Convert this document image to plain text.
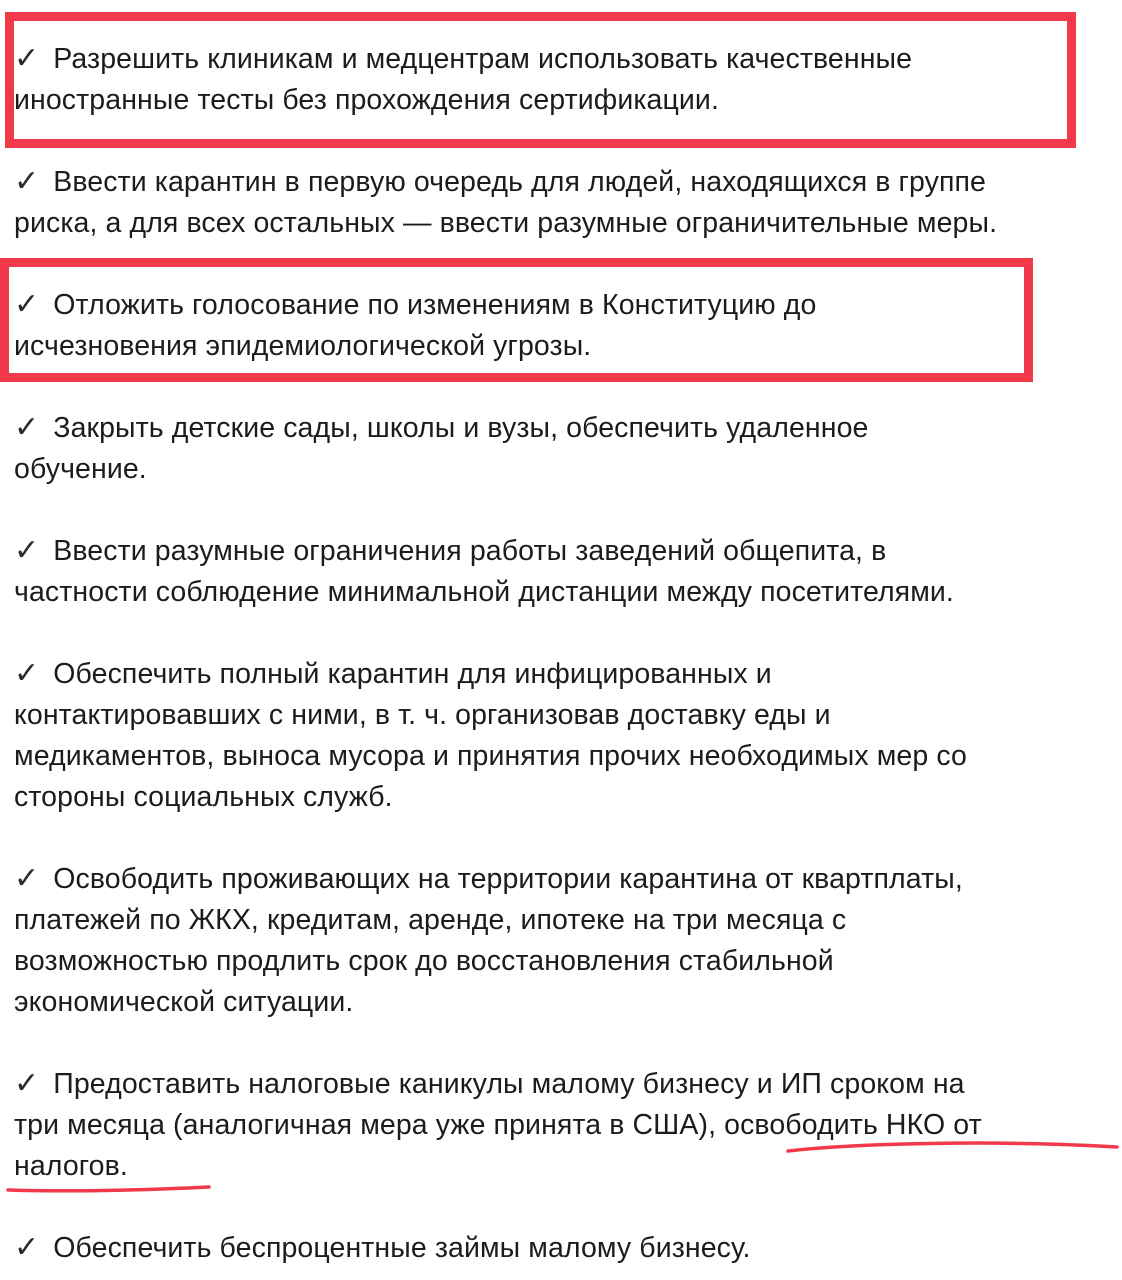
✓ Разрешить клиникам и медцентрам использовать качественные
иностранные тесты без прохождения сертификации.

✓ Ввести карантин в первую очередь для людей, находящихся в группе
риска, а для всех остальных — ввести разумные ограничительные меры.

✓ Отложить голосование по изменениям в Конституцию до
исчезновения эпидемиологической угрозы.

✓ Закрыть детские сады, школы и вузы, обеспечить удаленное
обучение.

✓ Ввести разумные ограничения работы заведений общепита, в
частности соблюдение минимальной дистанции между посетителями.

✓ Обеспечить полный карантин для инфицированных и
контактировавших с ними, в т. ч. организовав доставку еды и
медикаментов, выноса мусора и принятия прочих необходимых мер со
стороны социальных служб.

✓ Освободить проживающих на территории карантина от квартплаты,
платежей по ЖКХ, кредитам, аренде, ипотеке на три месяца с
возможностью продлить срок до восстановления стабильной
экономической ситуации.

✓ Предоставить налоговые каникулы малому бизнесу и ИП сроком на
три месяца (аналогичная мера уже принята в США), освободить НКО от
налогов.

✓ Обеспечить беспроцентные займы малому бизнесу.
